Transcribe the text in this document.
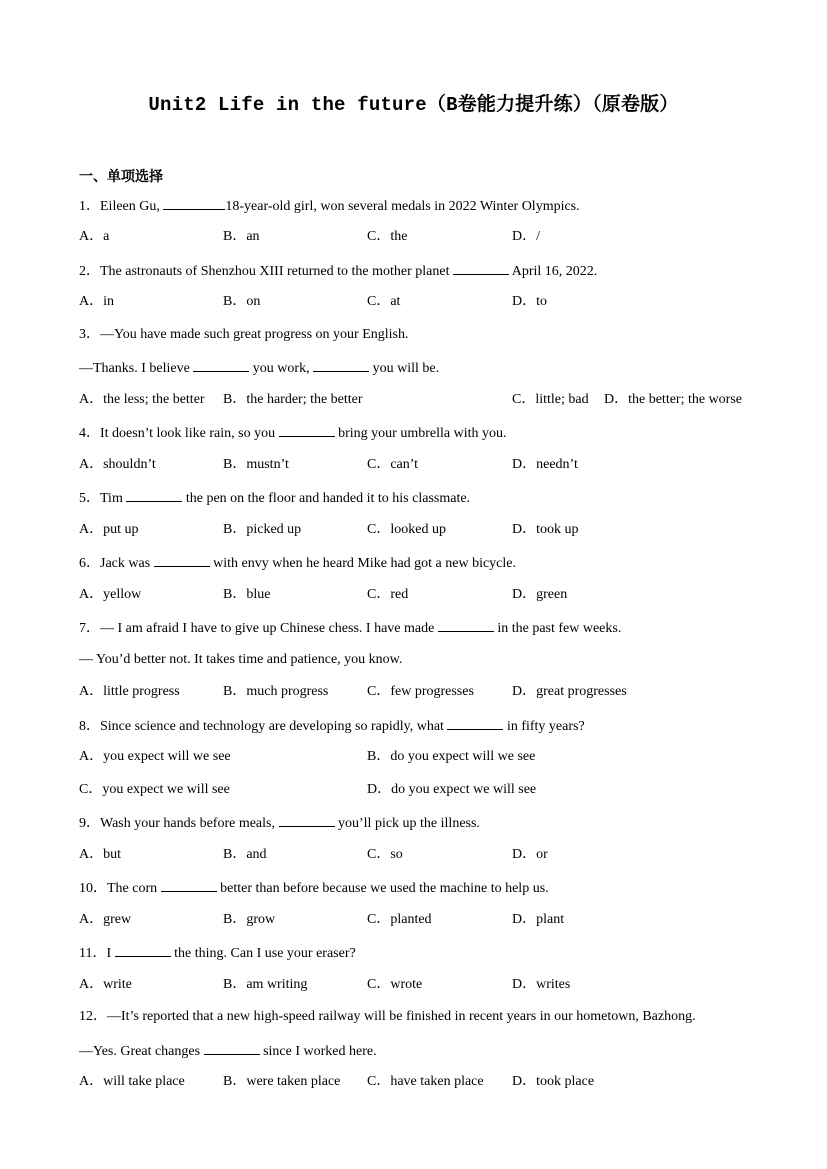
Unit2 Life in the future（B卷能力提升练）（原卷版）
一、单项选择
1．Eileen Gu,	18-year-old girl, won several medals in 2022 Winter Olympics.
A．a	B．an	C．the	D．/
2．The astronauts of Shenzhou XIII returned to the mother planet	April 16, 2022.
A．in	B．on	C．at	D．to
3．—You have made such great progress on your English.
—Thanks. I believe	you work,	you will be.
A．the less; the better B．the harder; the better	C．little; bad D．the better; the worse
4．It doesn’t look like rain, so you	bring your umbrella with you.
A．shouldn’t	B．mustn’t	C．can’t	D．needn’t
5．Tim	the pen on the floor and handed it to his classmate.
A．put up	B．picked up	C．looked up	D．took up
6．Jack was	with envy when he heard Mike had got a new bicycle.
A．yellow	B．blue	C．red	D．green
7．— I am afraid I have to give up Chinese chess. I have made	in the past few weeks.
— You’d better not. It takes time and patience, you know.
A．little progress	B．much progress	C．few progresses	D．great progresses
8．Since science and technology are developing so rapidly, what	in fifty years?
A．you expect will we see	B．do you expect will we see
C．you expect we will see	D．do you expect we will see
9．Wash your hands before meals,	you’ll pick up the illness.
A．but	B．and	C．so	D．or
10．The corn	better than before because we used the machine to help us.
A．grew	B．grow	C．planted	D．plant
11．I	the thing. Can I use your eraser?
A．write	B．am writing	C．wrote	D．writes
12．—It’s reported that a new high-speed railway will be finished in recent years in our hometown, Bazhong.
—Yes. Great changes	since I worked here.
A．will take place	B．were taken place C．have taken place D．took place
